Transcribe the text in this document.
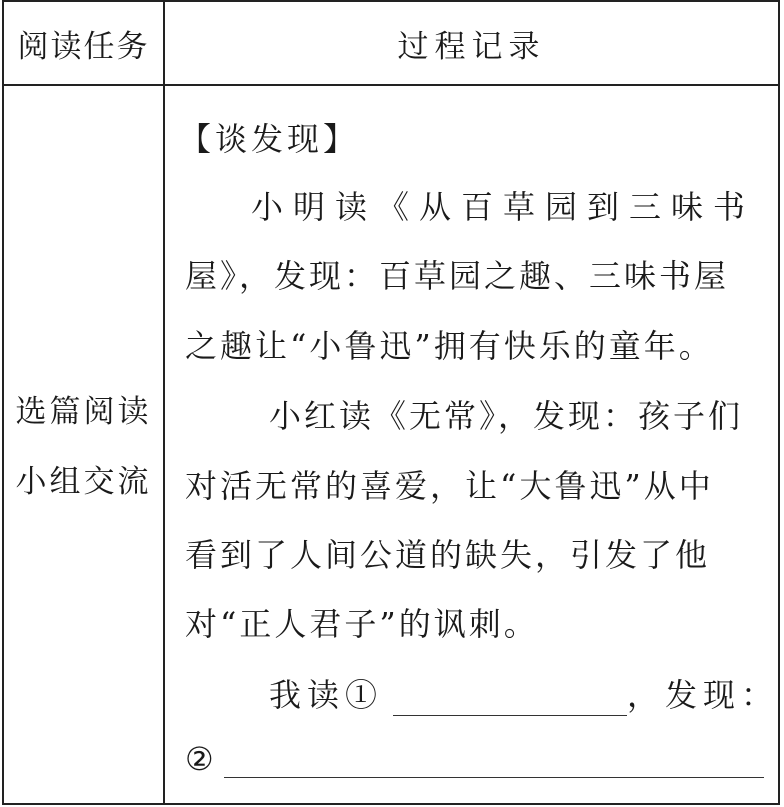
阅读任务	过程记录
选篇阅读
小组交流
【谈发现】
小明读《从百草园到三味书
屋》，发现：百草园之趣、三味书屋
之趣让“小鲁迅”拥有快乐的童年。
小红读《无常》，发现：孩子们
对活无常的喜爱，让“大鲁迅”从中
看到了人间公道的缺失，引发了他
对“正人君子”的讽刺。
我读①	，发现：
②
